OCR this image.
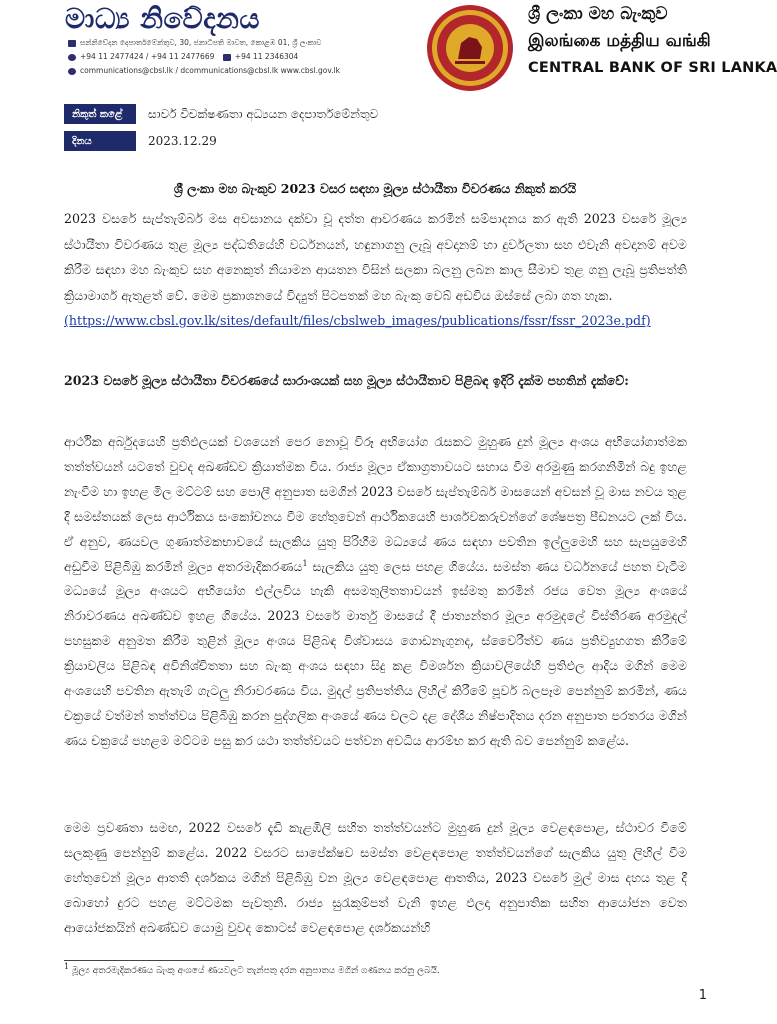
මාධ්‍ය නිවේදනය
සන්නිවේදන දෙපාර්තමේන්තුව, 30, ජනාධිපති මාවත, කොළඹ 01, ශ්‍රී ලංකාව
+94 11 2477424 / +94 11 2477669	+94 11 2346304
communications@cbsl.lk / dcommunications@cbsl.lk www.cbsl.gov.lk
ශ්‍රී ලංකා මහ බැංකුව
இலங்கை மத்திய வங்கி
CENTRAL BANK OF SRI LANKA
නිකුත් කළේ	සාර්ව විචක්ෂණතා අධ්‍යයන දෙපාර්තමේන්තුව
දිනය	2023.12.29
ශ්‍රී ලංකා මහ බැංකුව 2023 වසර සඳහා මූල්‍ය ස්ථායීතා විවරණය නිකුත් කරයි

2023 වසරේ සැප්තැම්බර් මස අවසානය දක්වා වූ දත්ත ආවරණය කරමින් සම්පාදනය කර ඇති 2023 වසරේ මූල්‍ය ස්ථායීතා විවරණය තුළ මූල්‍ය පද්ධතියේහි වර්ධනයන්, හඳුනාගනු ලැබූ අවදානම් හා දුර්වලතා සහ එවැනි අවදානම් අවම කිරීම සඳහා මහ බැංකුව සහ අනෙකුත් නියාමන ආයතන විසින් සලකා බලනු ලබන කාල සීමාව තුළ ගනු ලැබූ ප්‍රතිපත්ති ක්‍රියාමාර්ග ඇතුළත් වේ. මෙම ප්‍රකාශනයේ විද්‍යුත් පිටපතක් මහ බැංකු වෙබ් අඩවිය ඔස්සේ ලබා ගත හැක.
(https://www.cbsl.gov.lk/sites/default/files/cbslweb_images/publications/fssr/fssr_2023e.pdf)

2023 වසරේ මූල්‍ය ස්ථායීතා විවරණයේ සාරාංශයක් සහ මූල්‍ය ස්ථායීතාව පිළිබඳ ඉදිරි දැක්ම පහතින් දැක්වේ:

ආර්ථික අර්බුදයෙහි ප්‍රතිඵලයක් වශයෙන් පෙර නොවූ විරූ අභියෝග රැසකට මුහුණ දුන් මූල්‍ය අංශය අභියෝගාත්මක තත්ත්වයන් යටතේ වුවද අඛණ්ඩව ක්‍රියාත්මක විය. රාජ්‍ය මූල්‍ය ඒකාග්‍රතාවයට සහාය වීම අරමුණු කරගනිමින් බදු ඉහළ නැංවීම හා ඉහළ මිල මට්ටම් සහ පොලී අනුපාත සමගින් 2023 වසරේ සැප්තැම්බර් මාසයෙන් අවසන් වූ මාස නවය තුළ දී සමස්තයක් ලෙස ආර්ථිකය සංකෝචනය වීම හේතුවෙන් ආර්ථිකයෙහි පාර්ශවකරුවන්ගේ ශේෂපත්‍ර පීඩනයට ලක් විය. ඒ අනුව, ණයවල ගුණාත්මකභාවයේ සැලකිය යුතු පිරිහීම මධ්‍යයේ ණය සඳහා පවතින ඉල්ලුමෙහි සහ සැපයුමෙහි අඩුවීම පිළිබිඹු කරමින් මූල්‍ය අතරමැදිකරණය$^1$ සැලකිය යුතු ලෙස පහළ ගියේය. සමස්ත ණය වර්ධනයේ පහත වැටීම මධ්‍යයේ මූල්‍ය අංශයට අභියෝග එල්ලවිය හැකි අසමතුලිතතාවයන් ඉස්මතු කරමින් රජය වෙත මූල්‍ය අංශයේ නිරාවරණය අඛණ්ඩව ඉහළ ගියේය. 2023 වසරේ මාර්තු මාසයේ දී ජාත්‍යන්තර මූල්‍ය අරමුදලේ විස්තීරණ අරමුදල් පහසුකම අනුමත කිරීම තුළින් මූල්‍ය අංශය පිළිබඳ විශ්වාසය ගොඩනැගුනද, ස්වෛරීත්ව ණය ප්‍රතිව්‍යුහගත කිරීමේ ක්‍රියාවලිය පිළිබඳ අවිනිශ්චිතතා සහ බැංකු අංශය සඳහා සිදු කළ විමර්ශන ක්‍රියාවලියේහි ප්‍රතිඵල ආදිය මගින් මෙම අංශයෙහි පවතින ඇතැම් ගැටලු නිරාවරණය විය. මුදල් ප්‍රතිපත්තිය ලිහිල් කිරීමේ පූර්ව බලපෑම පෙන්නුම් කරමින්, ණය චක්‍රයේ වත්මන් තත්ත්වය පිළිබිඹු කරන පුද්ගලික අංශයේ ණය වලට දළ දේශීය නිෂ්පාදිතය දරන අනුපාත පරතරය මගින් ණය චක්‍රයේ පහළම මට්ටම පසු කර යථා තත්ත්වයට පත්වන අවධිය ආරම්භ කර ඇති බව පෙන්නුම් කළේය.

මෙම ප්‍රවණතා සමඟ, 2022 වසරේ දැඩි කැළඹිලි සහිත තත්ත්වයන්ට මුහුණ දුන් මූල්‍ය වෙළඳපොළ, ස්ථාවර වීමේ සලකුණු පෙන්නුම් කළේය. 2022 වසරට සාපේක්ෂව සමස්ත වෙළඳපොළ තත්ත්වයන්ගේ සැලකිය යුතු ලිහිල් වීම හේතුවෙන් මූල්‍ය ආතති දර්ශකය මගින් පිළිබිඹු වන මූල්‍ය වෙළඳපොළ ආතතිය, 2023 වසරේ මුල් මාස දහය තුළ දී බොහෝ දුරට පහළ මට්ටමක පැවතුනි. රාජ්‍ය සුරැකුම්පත් වැනි ඉහළ ඵලදා අනුපාතික සහිත ආයෝජන වෙත ආයෝජකයින් අඛණ්ඩව යොමු වුවද කොටස් වෙළඳපොළ දර්ශකයන්හි

$^1$ මූල්‍ය අතරමැදිකරණය බැංකු අංශයේ ණයවලට තැන්පතු දරන අනුපාතය මගින් ගණනය කරනු ලබයි.
1
